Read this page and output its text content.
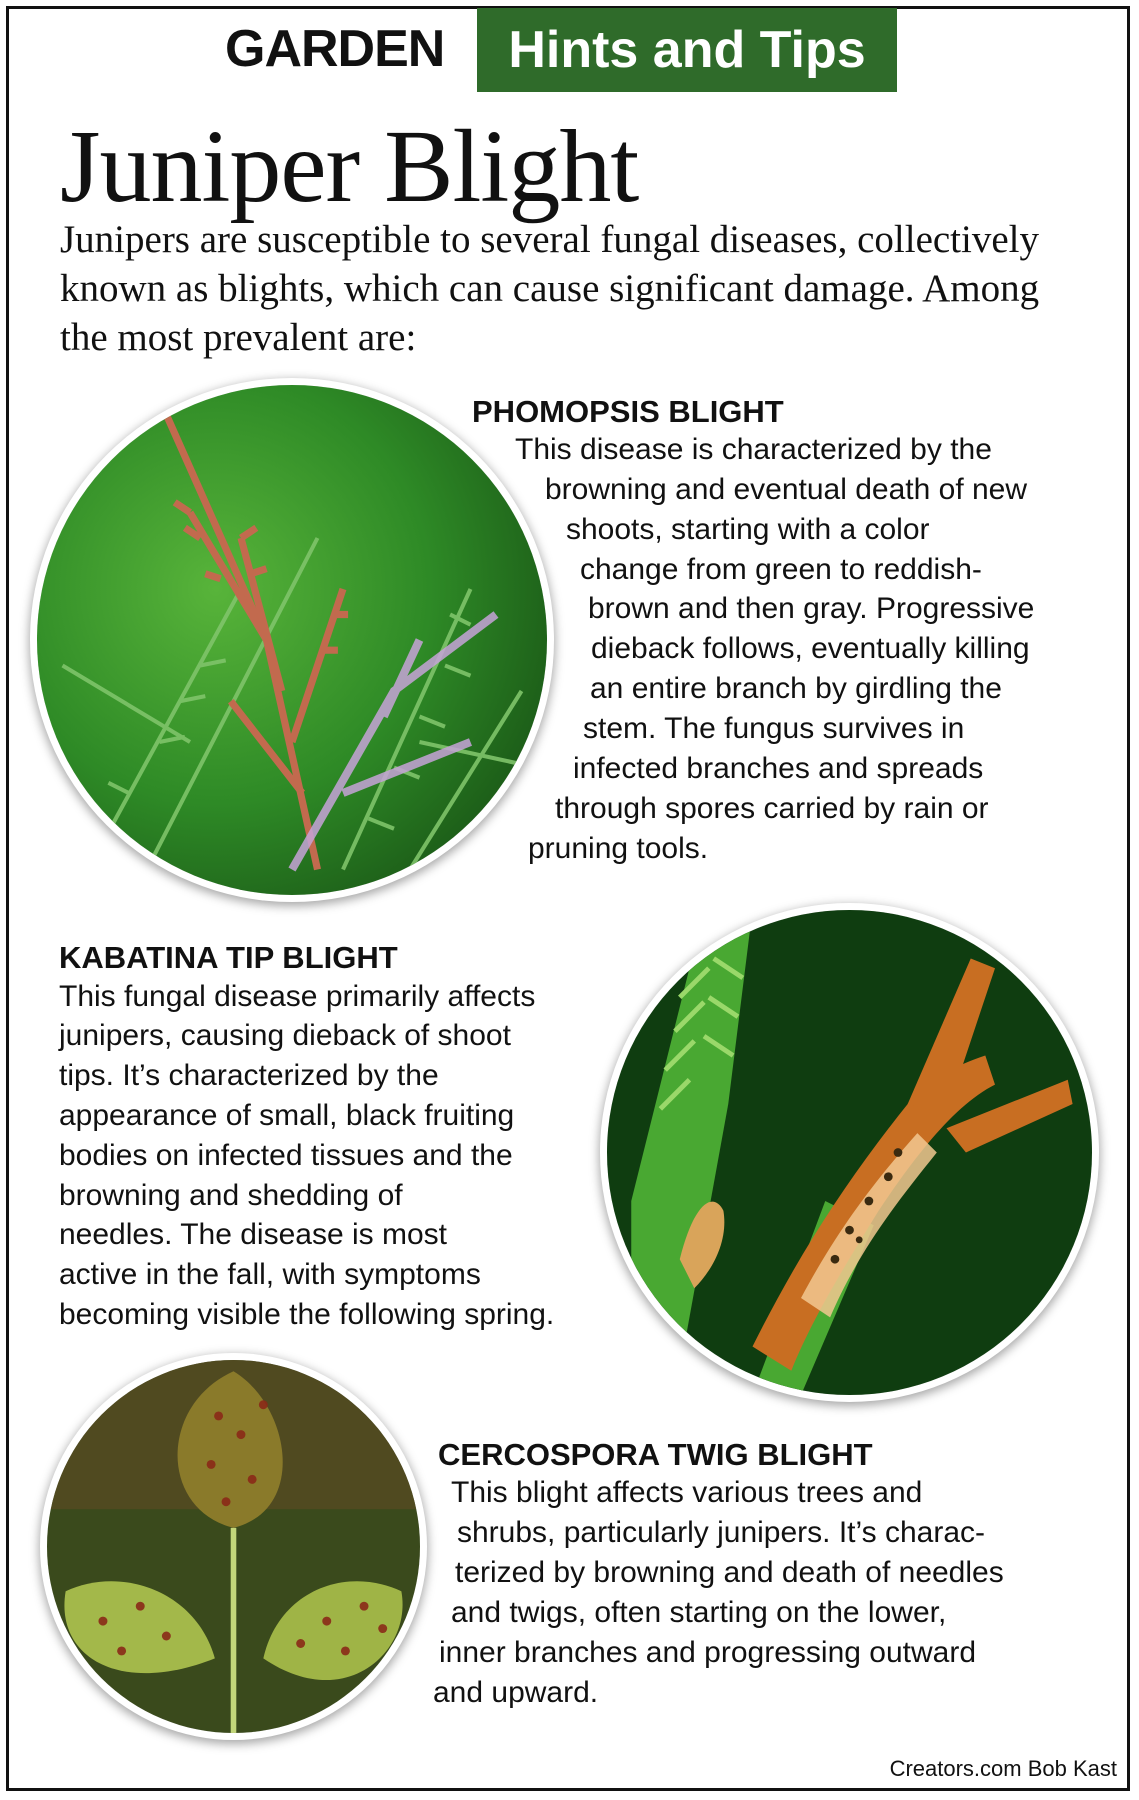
GARDEN	Hints and Tips
Juniper Blight
Junipers are susceptible to several fungal diseases, collectively known as blights, which can cause significant damage. Among the most prevalent are:
PHOMOPSIS BLIGHT
This disease is characterized by the
browning and eventual death of new
shoots, starting with a color
change from green to reddish-
brown and then gray. Progressive
dieback follows, eventually killing
an entire branch by girdling the
stem. The fungus survives in
infected branches and spreads
through spores carried by rain or
pruning tools.
KABATINA TIP BLIGHT
This fungal disease primarily affects
junipers, causing dieback of shoot
tips. It’s characterized by the
appearance of small, black fruiting
bodies on infected tissues and the
browning and shedding of
needles. The disease is most
active in the fall, with symptoms
becoming visible the following spring.
CERCOSPORA TWIG BLIGHT
This blight affects various trees and
shrubs, particularly junipers. It’s charac-
terized by browning and death of needles
and twigs, often starting on the lower,
inner branches and progressing outward
and upward.
Creators.com Bob Kast
